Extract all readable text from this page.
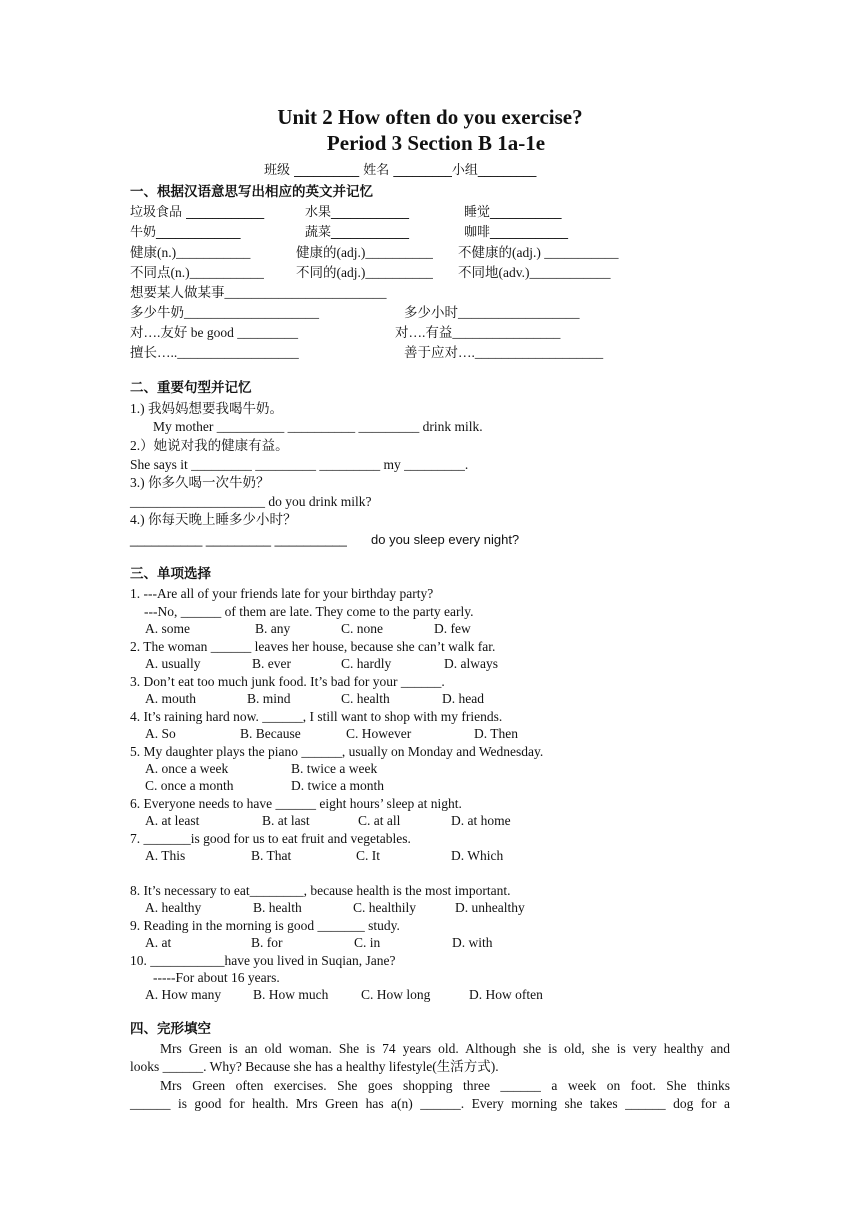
Unit 2 How often do you exercise?
Period 3 Section B 1a-1e
班级 __________ 姓名 _________小组_________
一、根据汉语意思写出相应的英文并记忆
垃圾食品 ____________	水果____________	睡觉___________
牛奶_____________	蔬菜____________	咖啡____________
健康(n.)___________	健康的(adj.)__________ 不健康的(adj.) ___________
不同点(n.)___________ 不同的(adj.)__________ 不同地(adv.)____________
想要某人做某事________________________
多少牛奶____________________	多少小时__________________
对….友好 be good _________	对….有益________________
擅长…..__________________	善于应对….___________________
二、重要句型并记忆
1.) 我妈妈想要我喝牛奶。
My mother __________ __________ _________ drink milk.
2.）她说对我的健康有益。
She says it _________ _________ _________ my _________.
3.) 你多久喝一次牛奶？
____________________ do you drink milk?
4.) 你每天晚上睡多少小时？
__________ _________ __________ do you sleep every night?
三、单项选择
1. ---Are all of your friends late for your birthday party?
---No, ______ of them are late. They come to the party early.
A. some	B. any	C. none	D. few
2. The woman ______ leaves her house, because she can’t walk far.
A. usually	B. ever	C. hardly	D. always
3. Don’t eat too much junk food. It’s bad for your ______.
A. mouth	B. mind	C. health	D. head
4. It’s raining hard now. ______, I still want to shop with my friends.
A. So	B. Because	C. However	D. Then
5. My daughter plays the piano ______, usually on Monday and Wednesday.
A. once a week	B. twice a week
C. once a month	D. twice a month
6. Everyone needs to have ______ eight hours’ sleep at night.
A. at least	B. at last	C. at all	D. at home
7. _______is good for us to eat fruit and vegetables.
A. This	B. That	C. It	D. Which
8. It’s necessary to eat________, because health is the most important.
A. healthy	B. health	C. healthily	D. unhealthy
9. Reading in the morning is good _______ study.
A. at	B. for	C. in	D. with
10. ___________have you lived in Suqian, Jane?
-----For about 16 years.
A. How many B. How much C. How long	D. How often
四、完形填空
Mrs Green is an old woman. She is 74 years old. Although she is old, she is very healthy and
looks ______. Why? Because she has a healthy lifestyle(生活方式).
Mrs Green often exercises. She goes shopping three ______ a week on foot. She thinks
______ is good for health. Mrs Green has a(n) ______. Every morning she takes ______ dog for a
